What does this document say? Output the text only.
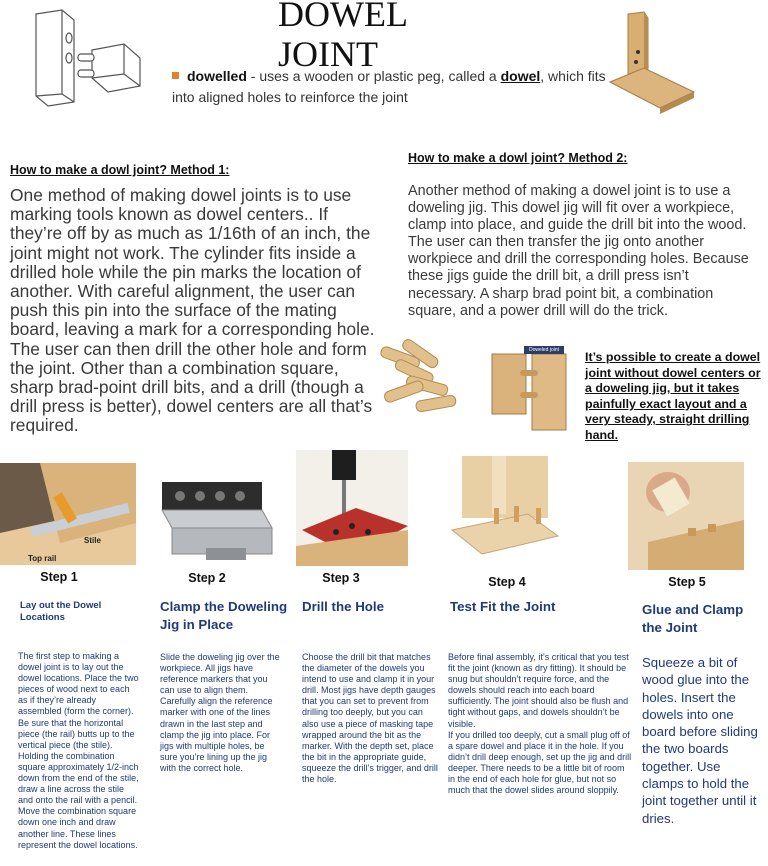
DOWEL JOINT
dowelled - uses a wooden or plastic peg, called a dowel, which fits into aligned holes to reinforce the joint
How to make a dowl joint? Method 1:
One method of making dowel joints is to use marking tools known as dowel centers.. If they’re off by as much as 1/16th of an inch, the joint might not work. The cylinder fits inside a drilled hole while the pin marks the location of another. With careful alignment, the user can push this pin into the surface of the mating board, leaving a mark for a corresponding hole. The user can then drill the other hole and form the joint. Other than a combination square, sharp brad-point drill bits, and a drill (though a drill press is better), dowel centers are all that’s required.
How to make a dowl joint? Method 2:
Another method of making a dowel joint is to use a doweling jig. This dowel jig will fit over a workpiece, clamp into place, and guide the drill bit into the wood. The user can then transfer the jig onto another workpiece and drill the corresponding holes. Because these jigs guide the drill bit, a drill press isn’t necessary. A sharp brad point bit, a combination square, and a power drill will do the trick.
Doweled joint	It’s possible to create a dowel joint without dowel centers or a doweling jig, but it takes painfully exact layout and a very steady, straight drilling hand.
Stile
Top rail
Step 1	Step 2	Step 3	Step 4	Step 5
Lay out the Dowel Locations
Clamp the Doweling Jig in Place
Drill the Hole	Test Fit the Joint	Glue and Clamp the Joint

The first step to making a dowel joint is to lay out the dowel locations. Place the two pieces of wood next to each as if they’re already assembled (form the corner). Be sure that the horizontal piece (the rail) butts up to the vertical piece (the stile). Holding the combination square approximately 1/2-inch down from the end of the stile, draw a line across the stile and onto the rail with a pencil. Move the combination square down one inch and draw another line. These lines represent the dowel locations.

Slide the doweling jig over the workpiece. All jigs have reference markers that you can use to align them. Carefully align the reference marker with one of the lines drawn in the last step and clamp the jig into place. For jigs with multiple holes, be sure you’re lining up the jig with the correct hole.

Choose the drill bit that matches the diameter of the dowels you intend to use and clamp it in your drill. Most jigs have depth gauges that you can set to prevent from drilling too deeply, but you can also use a piece of masking tape wrapped around the bit as the marker. With the depth set, place the bit in the appropriate guide, squeeze the drill’s trigger, and drill the hole.

Before final assembly, it’s critical that you test fit the joint (known as dry fitting). It should be snug but shouldn’t require force, and the dowels should reach into each board sufficiently. The joint should also be flush and tight without gaps, and dowels shouldn’t be visible.

If you drilled too deeply, cut a small plug off of a spare dowel and place it in the hole. If you didn’t drill deep enough, set up the jig and drill deeper. There needs to be a little bit of room in the end of each hole for glue, but not so much that the dowel slides around sloppily.

Squeeze a bit of wood glue into the holes. Insert the dowels into one board before sliding the two boards together. Use clamps to hold the joint together until it dries.
